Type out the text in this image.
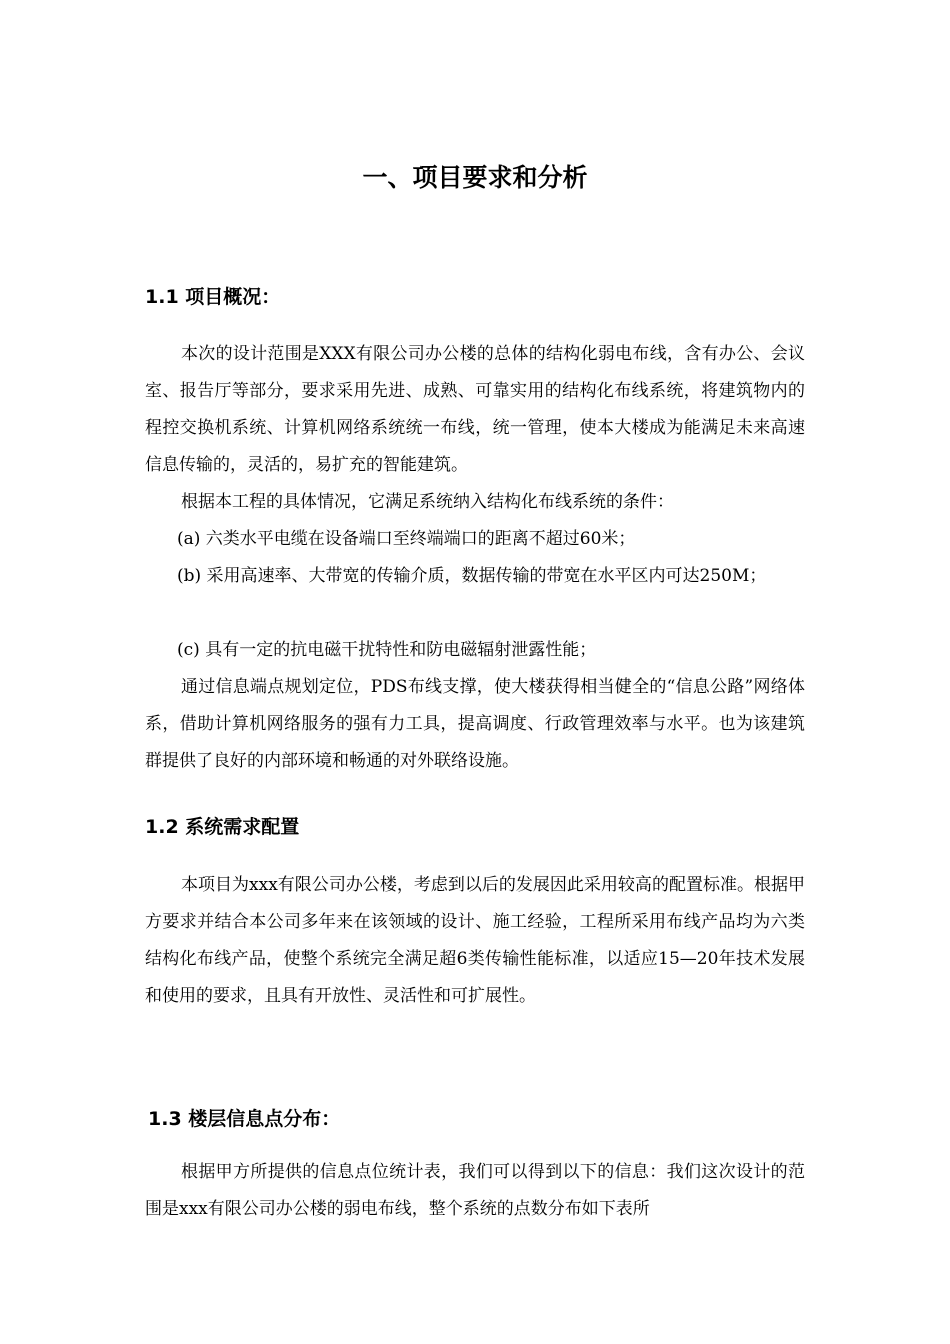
一、项目要求和分析
1.1 项目概况：

本次的设计范围是XXX有限公司办公楼的总体的结构化弱电布线，含有办公、会议室、报告厅等部分，要求采用先进、成熟、可靠实用的结构化布线系统，将建筑物内的程控交换机系统、计算机网络系统统一布线，统一管理，使本大楼成为能满足未来高速信息传输的，灵活的，易扩充的智能建筑。

根据本工程的具体情况，它满足系统纳入结构化布线系统的条件：

(a) 六类水平电缆在设备端口至终端端口的距离不超过60米；

(b) 采用高速率、大带宽的传输介质，数据传输的带宽在水平区内可达250M；

(c) 具有一定的抗电磁干扰特性和防电磁辐射泄露性能；

通过信息端点规划定位，PDS布线支撑，使大楼获得相当健全的“信息公路”网络体系，借助计算机网络服务的强有力工具，提高调度、行政管理效率与水平。也为该建筑群提供了良好的内部环境和畅通的对外联络设施。

1.2 系统需求配置

本项目为xxx有限公司办公楼，考虑到以后的发展因此采用较高的配置标准。根据甲方要求并结合本公司多年来在该领域的设计、施工经验，工程所采用布线产品均为六类结构化布线产品，使整个系统完全满足超6类传输性能标准，以适应15—20年技术发展和使用的要求，且具有开放性、灵活性和可扩展性。

1.3 楼层信息点分布：

根据甲方所提供的信息点位统计表，我们可以得到以下的信息：我们这次设计的范围是xxx有限公司办公楼的弱电布线，整个系统的点数分布如下表所
